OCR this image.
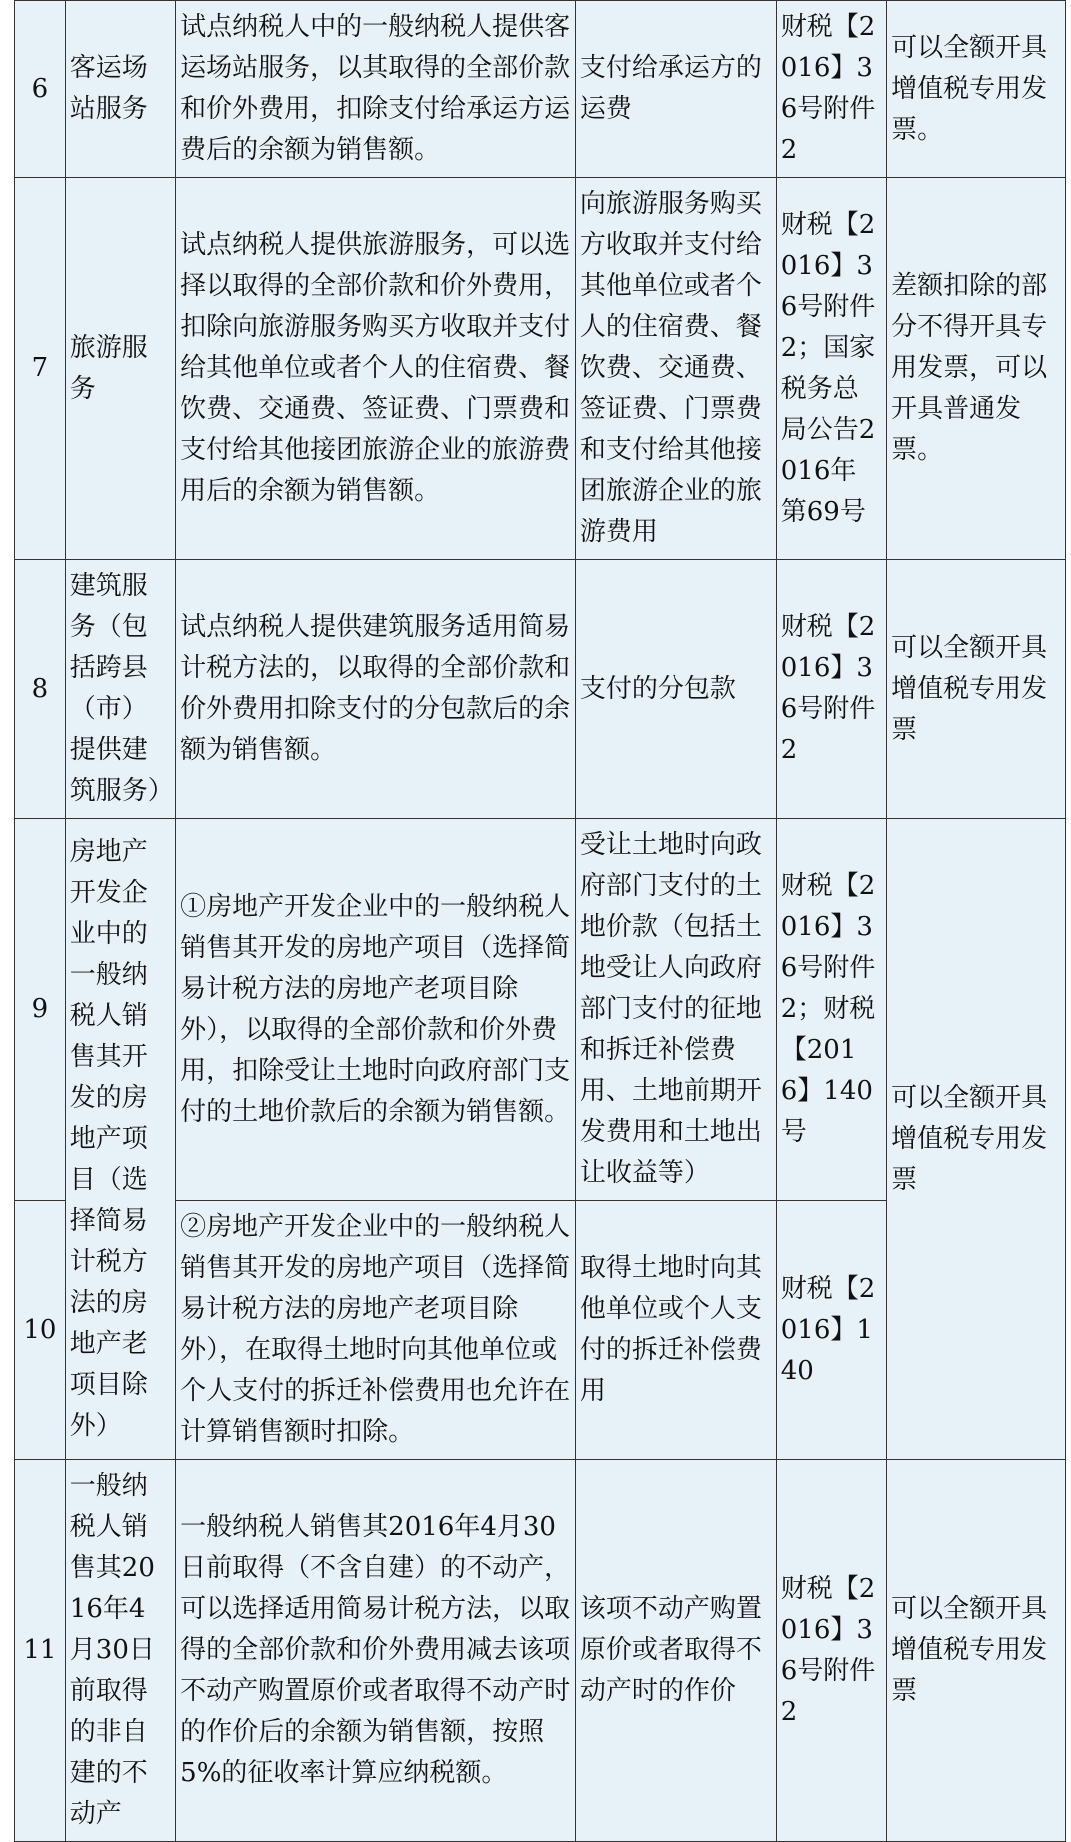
6	客运场站服务	试点纳税人中的一般纳税人提供客运场站服务，以其取得的全部价款和价外费用，扣除支付给承运方运费后的余额为销售额。	支付给承运方的运费	财税【2016】36号附件2	可以全额开具增值税专用发票。
7	旅游服务	试点纳税人提供旅游服务，可以选择以取得的全部价款和价外费用，扣除向旅游服务购买方收取并支付给其他单位或者个人的住宿费、餐饮费、交通费、签证费、门票费和支付给其他接团旅游企业的旅游费用后的余额为销售额。	向旅游服务购买方收取并支付给其他单位或者个人的住宿费、餐饮费、交通费、签证费、门票费和支付给其他接团旅游企业的旅游费用	财税【2016】36号附件2；国家税务总局公告2016年第69号	差额扣除的部分不得开具专用发票，可以开具普通发票。
8	建筑服务（包括跨县（市）提供建筑服务）	试点纳税人提供建筑服务适用简易计税方法的，以取得的全部价款和价外费用扣除支付的分包款后的余额为销售额。	支付的分包款	财税【2016】36号附件2	可以全额开具增值税专用发票
9	房地产开发企业中的一般纳税人销售其开发的房地产项目（选择简易计税方法的房地产老项目除外）	①房地产开发企业中的一般纳税人销售其开发的房地产项目（选择简易计税方法的房地产老项目除外），以取得的全部价款和价外费用，扣除受让土地时向政府部门支付的土地价款后的余额为销售额。	受让土地时向政府部门支付的土地价款（包括土地受让人向政府部门支付的征地和拆迁补偿费用、土地前期开发费用和土地出让收益等）	财税【2016】36号附件2；财税【2016】140号	可以全额开具增值税专用发票
10		②房地产开发企业中的一般纳税人销售其开发的房地产项目（选择简易计税方法的房地产老项目除外），在取得土地时向其他单位或个人支付的拆迁补偿费用也允许在计算销售额时扣除。	取得土地时向其他单位或个人支付的拆迁补偿费用	财税【2016】140	
11	一般纳税人销售其2016年4月30日前取得的非自建的不动产	一般纳税人销售其2016年4月30日前取得（不含自建）的不动产，可以选择适用简易计税方法，以取得的全部价款和价外费用减去该项不动产购置原价或者取得不动产时的作价后的余额为销售额，按照5%的征收率计算应纳税额。	该项不动产购置原价或者取得不动产时的作价	财税【2016】36号附件2	可以全额开具增值税专用发票
